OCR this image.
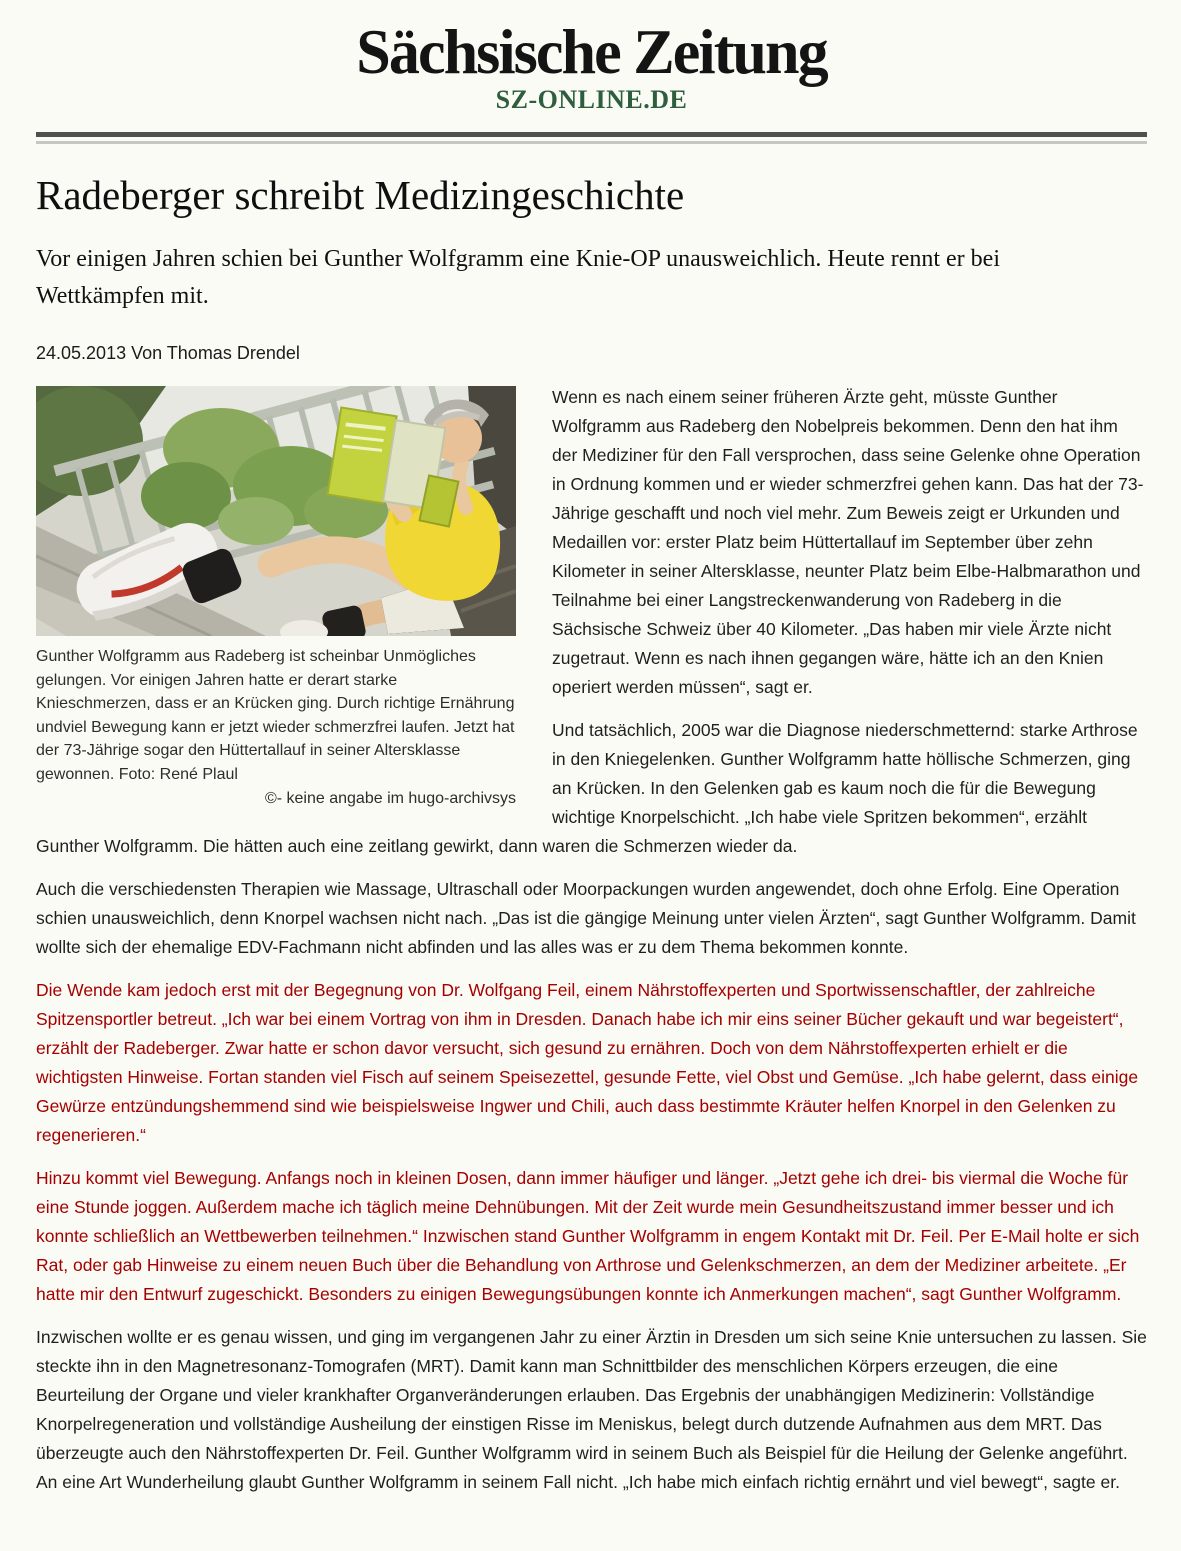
Sächsische Zeitung
SZ-ONLINE.DE
Radeberger schreibt Medizingeschichte

Vor einigen Jahren schien bei Gunther Wolfgramm eine Knie-OP unausweichlich. Heute rennt er bei Wettkämpfen mit.

24.05.2013 Von Thomas Drendel

Gunther Wolfgramm aus Radeberg ist scheinbar Unmögliches gelungen. Vor einigen Jahren hatte er derart starke Knieschmerzen, dass er an Krücken ging. Durch richtige Ernährung undviel Bewegung kann er jetzt wieder schmerzfrei laufen. Jetzt hat der 73-Jährige sogar den Hüttertallauf in seiner Altersklasse gewonnen. Foto: René Plaul
©- keine angabe im hugo-archivsys

Wenn es nach einem seiner früheren Ärzte geht, müsste Gunther Wolfgramm aus Radeberg den Nobelpreis bekommen. Denn den hat ihm der Mediziner für den Fall versprochen, dass seine Gelenke ohne Operation in Ordnung kommen und er wieder schmerzfrei gehen kann. Das hat der 73-Jährige geschafft und noch viel mehr. Zum Beweis zeigt er Urkunden und Medaillen vor: erster Platz beim Hüttertallauf im September über zehn Kilometer in seiner Altersklasse, neunter Platz beim Elbe-Halbmarathon und Teilnahme bei einer Langstreckenwanderung von Radeberg in die Sächsische Schweiz über 40 Kilometer. „Das haben mir viele Ärzte nicht zugetraut. Wenn es nach ihnen gegangen wäre, hätte ich an den Knien operiert werden müssen“, sagt er.

Und tatsächlich, 2005 war die Diagnose niederschmetternd: starke Arthrose in den Kniegelenken. Gunther Wolfgramm hatte höllische Schmerzen, ging an Krücken. In den Gelenken gab es kaum noch die für die Bewegung wichtige Knorpelschicht. „Ich habe viele Spritzen bekommen“, erzählt Gunther Wolfgramm. Die hätten auch eine zeitlang gewirkt, dann waren die Schmerzen wieder da.

Auch die verschiedensten Therapien wie Massage, Ultraschall oder Moorpackungen wurden angewendet, doch ohne Erfolg. Eine Operation schien unausweichlich, denn Knorpel wachsen nicht nach. „Das ist die gängige Meinung unter vielen Ärzten“, sagt Gunther Wolfgramm. Damit wollte sich der ehemalige EDV-Fachmann nicht abfinden und las alles was er zu dem Thema bekommen konnte.

Die Wende kam jedoch erst mit der Begegnung von Dr. Wolfgang Feil, einem Nährstoffexperten und Sportwissenschaftler, der zahlreiche Spitzensportler betreut. „Ich war bei einem Vortrag von ihm in Dresden. Danach habe ich mir eins seiner Bücher gekauft und war begeistert“, erzählt der Radeberger. Zwar hatte er schon davor versucht, sich gesund zu ernähren. Doch von dem Nährstoffexperten erhielt er die wichtigsten Hinweise. Fortan standen viel Fisch auf seinem Speisezettel, gesunde Fette, viel Obst und Gemüse. „Ich habe gelernt, dass einige Gewürze entzündungshemmend sind wie beispielsweise Ingwer und Chili, auch dass bestimmte Kräuter helfen Knorpel in den Gelenken zu regenerieren.“

Hinzu kommt viel Bewegung. Anfangs noch in kleinen Dosen, dann immer häufiger und länger. „Jetzt gehe ich drei- bis viermal die Woche für eine Stunde joggen. Außerdem mache ich täglich meine Dehnübungen. Mit der Zeit wurde mein Gesundheitszustand immer besser und ich konnte schließlich an Wettbewerben teilnehmen.“ Inzwischen stand Gunther Wolfgramm in engem Kontakt mit Dr. Feil. Per E-Mail holte er sich Rat, oder gab Hinweise zu einem neuen Buch über die Behandlung von Arthrose und Gelenkschmerzen, an dem der Mediziner arbeitete. „Er hatte mir den Entwurf zugeschickt. Besonders zu einigen Bewegungsübungen konnte ich Anmerkungen machen“, sagt Gunther Wolfgramm.

Inzwischen wollte er es genau wissen, und ging im vergangenen Jahr zu einer Ärztin in Dresden um sich seine Knie untersuchen zu lassen. Sie steckte ihn in den Magnetresonanz-Tomografen (MRT). Damit kann man Schnittbilder des menschlichen Körpers erzeugen, die eine Beurteilung der Organe und vieler krankhafter Organveränderungen erlauben. Das Ergebnis der unabhängigen Medizinerin: Vollständige Knorpelregeneration und vollständige Ausheilung der einstigen Risse im Meniskus, belegt durch dutzende Aufnahmen aus dem MRT. Das überzeugte auch den Nährstoffexperten Dr. Feil. Gunther Wolfgramm wird in seinem Buch als Beispiel für die Heilung der Gelenke angeführt. An eine Art Wunderheilung glaubt Gunther Wolfgramm in seinem Fall nicht. „Ich habe mich einfach richtig ernährt und viel bewegt“, sagte er.
